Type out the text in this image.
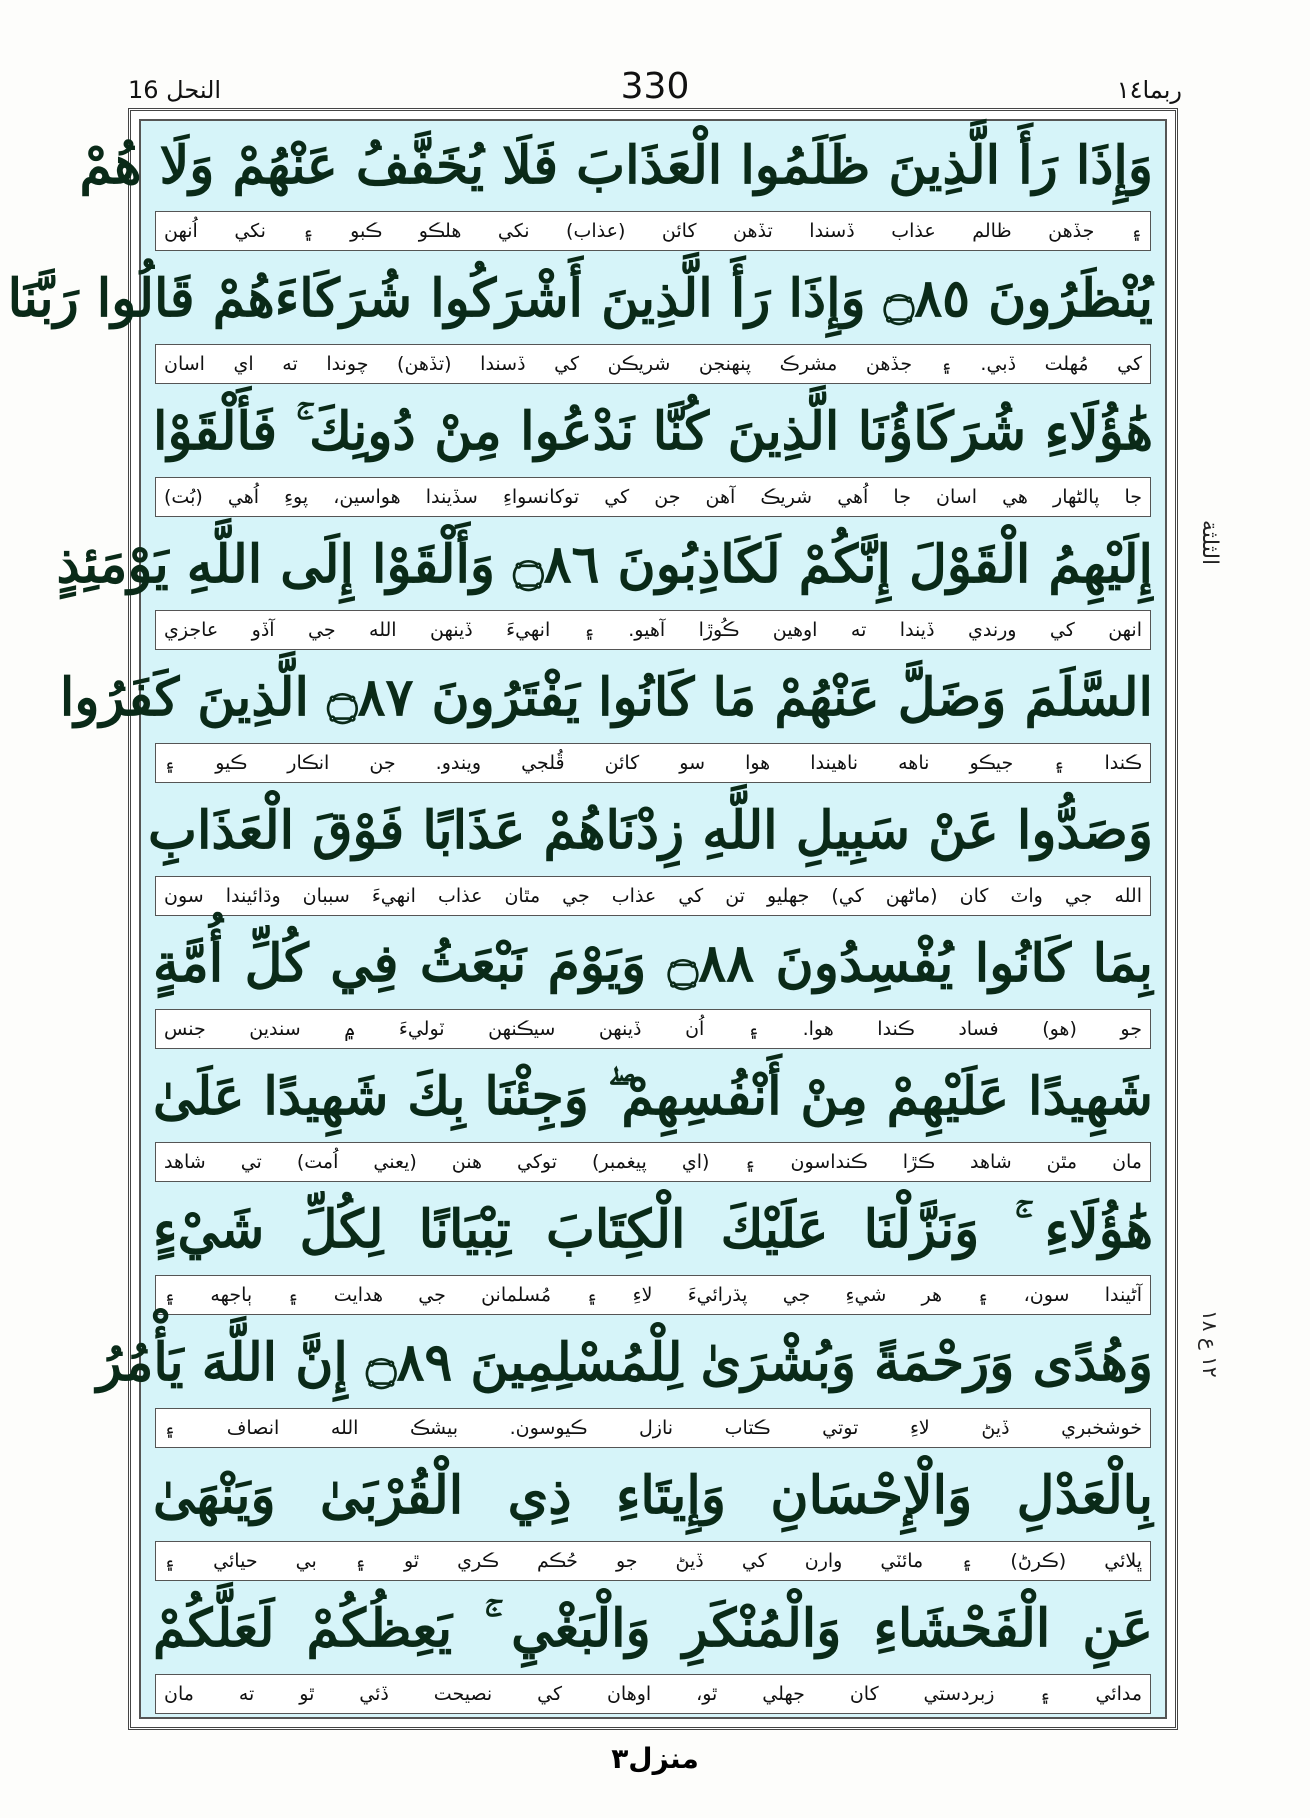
330
النحل 16	ربما١٤
وَإِذَا رَأَ الَّذِينَ ظَلَمُوا الْعَذَابَ فَلَا يُخَفَّفُ عَنْهُمْ وَلَا هُمْ
۽ جڏهن ظالم عذاب ڏسندا تڏهن کائن (عذاب) نکي هلڪو ڪبو ۽ نکي اُنهن
يُنْظَرُونَ ۝٨٥ وَإِذَا رَأَ الَّذِينَ أَشْرَكُوا شُرَكَاءَهُمْ قَالُوا رَبَّنَا
کي مُهلت ڏبي. ۽ جڏهن مشرڪ پنهنجن شريڪن کي ڏسندا (تڏهن) چوندا ته اي اسان
هَٰؤُلَاءِ شُرَكَاؤُنَا الَّذِينَ كُنَّا نَدْعُوا مِنْ دُونِكَ ۚ فَأَلْقَوْا
جا پالڻهار هي اسان جا اُهي شريڪ آهن جن کي توکانسواءِ سڏيندا هواسين، پوءِ اُهي (بُت)
إِلَيْهِمُ الْقَوْلَ إِنَّكُمْ لَكَاذِبُونَ ۝٨٦ وَأَلْقَوْا إِلَى اللَّهِ يَوْمَئِذٍ
انهن کي ورندي ڏيندا ته اوهين ڪُوڙا آهيو. ۽ انهيءَ ڏينهن الله جي آڏو عاجزي
السَّلَمَ وَضَلَّ عَنْهُمْ مَا كَانُوا يَفْتَرُونَ ۝٨٧ الَّذِينَ كَفَرُوا
ڪندا ۽ جيڪو ناهه ناهيندا هوا سو کائن ڦُلجي ويندو. جن انڪار ڪيو ۽
وَصَدُّوا عَنْ سَبِيلِ اللَّهِ زِدْنَاهُمْ عَذَابًا فَوْقَ الْعَذَابِ
الله جي واٽ کان (ماڻهن کي) جهليو تن کي عذاب جي مٿان عذاب انهيءَ سببان وڌائيندا سون
بِمَا كَانُوا يُفْسِدُونَ ۝٨٨ وَيَوْمَ نَبْعَثُ فِي كُلِّ أُمَّةٍ
جو (هو) فساد ڪندا هوا. ۽ اُن ڏينهن سيڪنهن ٽوليءَ ۾ سندين جنس
شَهِيدًا عَلَيْهِمْ مِنْ أَنْفُسِهِمْ ۖ وَجِئْنَا بِكَ شَهِيدًا عَلَىٰ
مان مٿن شاهد ڪڙا ڪنداسون ۽ (اي پيغمبر) توکي هنن (يعني اُمت) تي شاهد
هَٰؤُلَاءِ ۚ وَنَزَّلْنَا عَلَيْكَ الْكِتَابَ تِبْيَانًا لِكُلِّ شَيْءٍ
آڻيندا سون، ۽ هر شيءِ جي پڌرائيءَ لاءِ ۽ مُسلمانن جي هدايت ۽ ٻاجهه ۽
وَهُدًى وَرَحْمَةً وَبُشْرَىٰ لِلْمُسْلِمِينَ ۝٨٩ إِنَّ اللَّهَ يَأْمُرُ
خوشخبري ڏيڻ لاءِ توتي ڪتاب نازل ڪيوسون. بيشڪ الله انصاف ۽
بِالْعَدْلِ وَالْإِحْسَانِ وَإِيتَاءِ ذِي الْقُرْبَىٰ وَيَنْهَىٰ
ڀلائي (ڪرڻ) ۽ مائٽي وارن کي ڏيڻ جو حُڪم ڪري ٿو ۽ بي حيائي ۽
عَنِ الْفَحْشَاءِ وَالْمُنْكَرِ وَالْبَغْيِ ۚ يَعِظُكُمْ لَعَلَّكُمْ
مدائي ۽ زبردستي کان جهلي ٿو، اوهان کي نصيحت ڏئي ٿو ته مان
الثلثة
١٢ ع ١٨
منزل٣
